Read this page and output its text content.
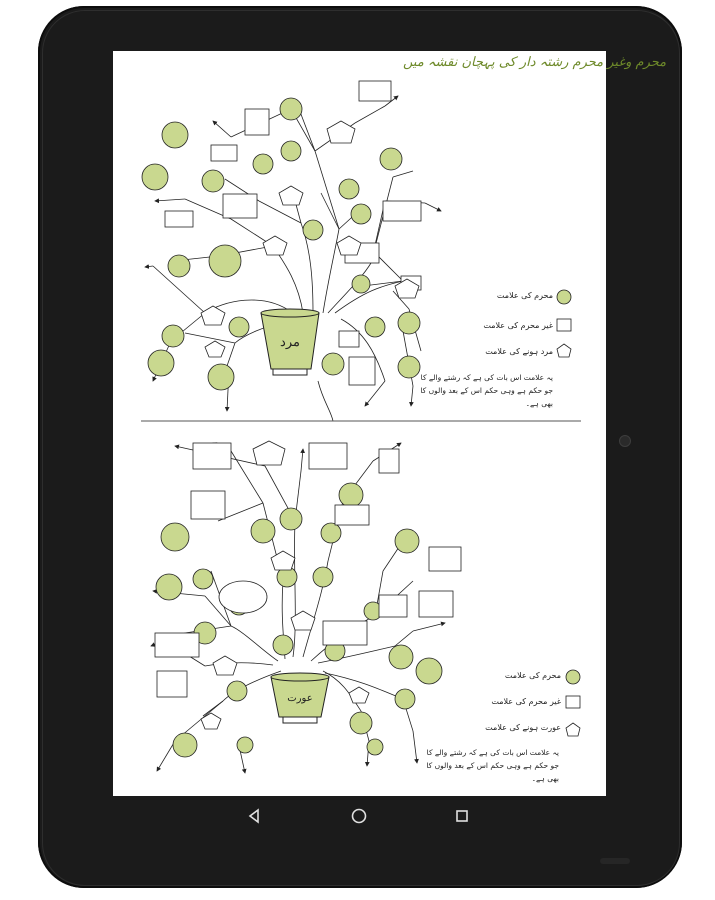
محرم وغیر محرم رشتہ دار کی پہچان نقشہ میں
مرد
عورت
محرم کی علامت
غیر محرم کی علامت
مرد ہونے کی علامت
یہ علامت اس بات کی ہے کہ رشتے والے کا جو حکم ہے وہی حکم اس کے بعد والوں کا بھی ہے۔
محرم کی علامت
غیر محرم کی علامت
عورت ہونے کی علامت
یہ علامت اس بات کی ہے کہ رشتے والے کا جو حکم ہے وہی حکم اس کے بعد والوں کا بھی ہے۔
